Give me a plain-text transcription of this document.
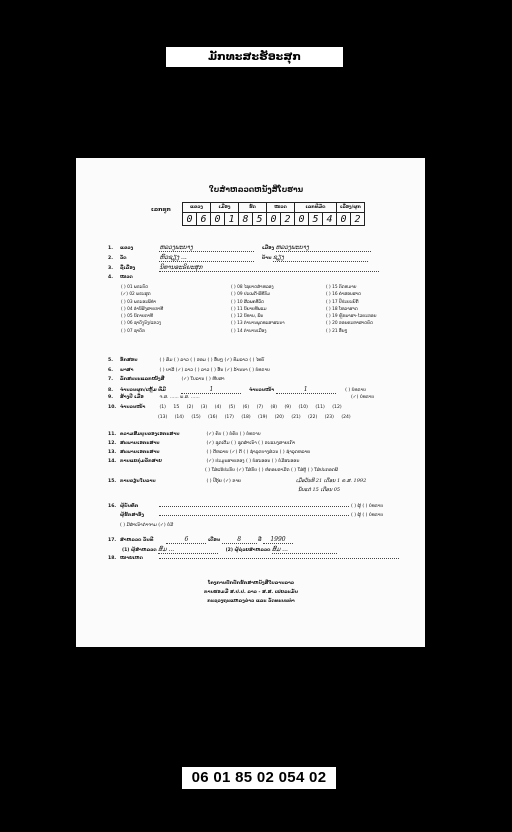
ມັກທະສະຮັອະສຸກ
ໃບສຳຫລວດຫນັງສືໂບຮານ
ເລກຊຸກ	ແຂວງ		ເມືອງ		ຮັດ		ໝວດ		ເລກທີມັດ			ເລື່ອງ/ຜູກ	
0	6	0	1	8	5	0	2	0	5	4	0	2
1. ແຂວງ	ຫລວງພະບາງ	ເມືອງ ຫລວງພະບາງ
2. ວັດ	ຫົວຊຽງ ...	ບ້ານ ຊຽງ
3. ຊື່ເລື່ອງ	ນິທານອະຣິຍະສຸກ
4. ໝວດ
( ) 01 ພຣະບັດ
(✓) 02 ພຣະສູດ
( ) 03 ພຣະອະພິທຳ
( ) 04 ອຳນິສົງສາຍກາທີ
( ) 05 ນິກາຍກາທີ
( ) 06 ຊາດົງຸນົງ/ແຂວງ
( ) 07 ຊາດົກ
( ) 08 ໄຊຍາດສຳຫລອງ
( ) 09 ປະເພດີ-ພິທີກັມ
( ) 10 ສີລພຄທີວັດ
( ) 11 ນິຍາຍທີພແມ
( ) 12 ນິທານ, ພິນ
( ) 13 ຕຳນານພຸດທະສາສະນາ
( ) 14 ຕຳນານເມືອງ
( ) 15 ກົດຫມາຍ
( ) 16 ຄຳສອນສາດ
( ) 17 ປີປະຍະຍັກີ
( ) 18 ໂຫລາສາດ
( ) 19 ຫຼັກພາສາ-ໄວຍະກອນ
( ) 20 ຂອນຄະຫາສາດຍົດ
( ) 21 ອື່ນໆ
5. ອັກສອນ	( ) ສົມ ( ) ລາວ ( ) ຂອມ ( ) ອື່ນໆ (✓) ທັມລາວ ( ) ໄທຍ໌
6. ພາສາ	( ) ບາລີ (✓) ລາວ ( ) ລາວ ( ) ອື່ນ (✓) ລ້ານນາ ( ) ບໍ່ທຣາບ
7. ລັກສະນະແລກໜັງສື	(✓) ໃບລານ ( ) ຫີບສາ
8. ຈຳນວນຜູກ/ເຫຼັ້ມ ທີ່ມີ	1	ຈຳນວນໜ້າ	1	( ) ບໍ່ທຣາບ
9. ສ້າງປີ ເມື່ອ	ຈ.ສ. ...... ພ.ສ. ......	(✓) ບໍ່ທຣາບ
10. ຈຳນວນໜ້າ	(1) 15 (2) (3) (4) (5) (6) (7) (8) (9) (10) (11) (12)
(13) (14) (15) (16) (17) (18) (19) (20) (21) (22) (23) (24)
11. ຄວາມສົມບູນຂອງເອກະສານ	(✓) ຄົບ ( ) ບໍ່ຄົບ ( ) ບໍ່ທຣາບ
12. ສະພາບເອກະສານ	(✓) ຊຸດເດີມ ( ) ຊຸດສຳເນົາ ( ) ຂະແນງສາຍເກົາ
13. ສະພາບເອກະສານ	( ) ດີຫລາຍ (✓) ດີ ( ) ຊຳລຸດບາງສ່ວນ ( ) ຊຳລຸດຫລາຍ
14. ການແຍກຸ່ມຂັກສາຍ	(✓) ປະມູນສາຍຂອງ ( ) ບໍ່ສະອອນ ( ) ບໍ່ມີສະອອນ
( ) ໃສ່ແນ້ປະກັບ (✓) ໃສ່ກັບ ( ) ຫໍ່ຕອນຂາມີດ ( ) ໃສ່ຕູ້ ( ) ໃສ່ປະກອດພີ
15. ການຂຽນໃບລານ	( ) ປີຕຸ້ຍ (✓) ຂາຍ	ເມື່ອວັນທີ 21 ເດືອນ 1 ຄ.ສ. 1992
ນັບແຕ່ 15 ເດືອນ 05
16. ຜູ້ບັນທຶກ	( ) ຜູ້ ( ) ບໍ່ທຣາບ
ຜູ້ຮັກສາອັງ	( ) ຜູ້ ( ) ບໍ່ທຣາບ
( ) ມີສຳເນົາດຳຈາມ (✓) ບໍ່ມີ
17. ສຳຫລວດ ວັນທີ	6	ເດືອນ	8	ປີ 1990
(1) ຜູ້ສຳຫລວດ ສົມ ...	(2) ຜູ້ຊ່ວຍສຳຫລວດ ສົມ ...
18. ໝາຍເຫດ
ໂຄງການປົກປັກຮັກສາຫນັງສືໃບລານລາວ
ການຮອມມື ສ.ປ.ປ. ລາວ - ສ.ສ. ເຢຍລະມັນ
ກະຊວງຖະແຫລງຂ່າວ ແລະ ວັດທະນະທຳ
- - -
06 01 85 02 054 02
